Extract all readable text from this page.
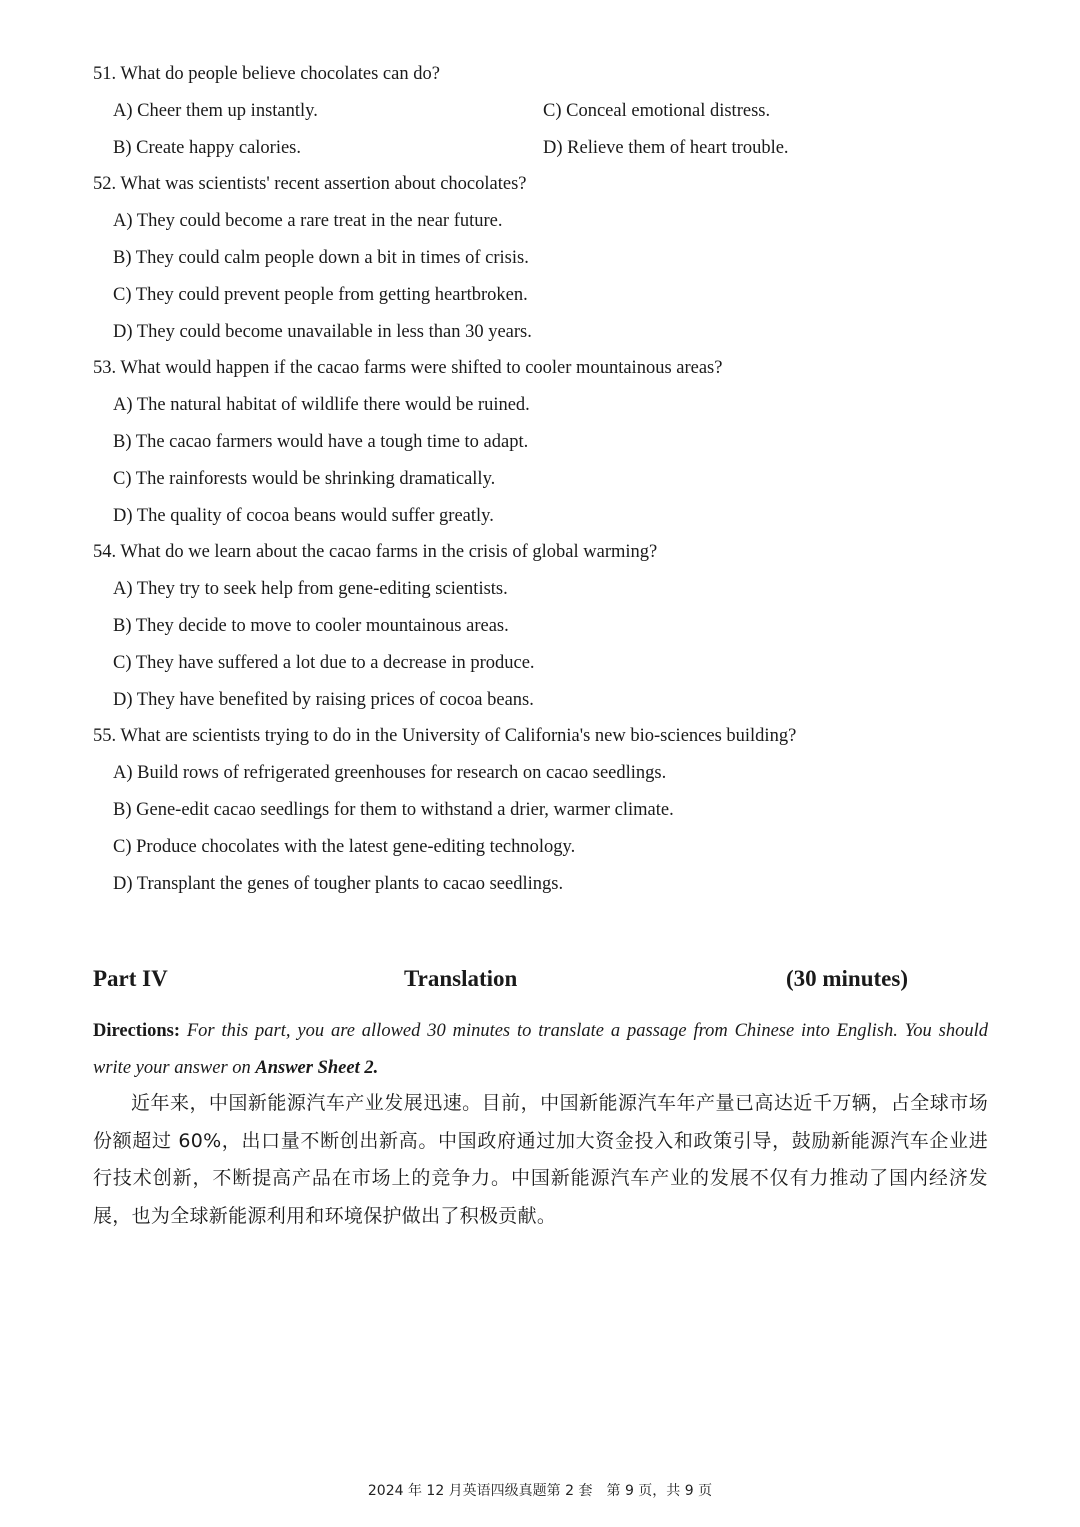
51. What do people believe chocolates can do?
A) Cheer them up instantly.	C) Conceal emotional distress.
B) Create happy calories.	D) Relieve them of heart trouble.
52. What was scientists' recent assertion about chocolates?
A) They could become a rare treat in the near future.
B) They could calm people down a bit in times of crisis.
C) They could prevent people from getting heartbroken.
D) They could become unavailable in less than 30 years.
53. What would happen if the cacao farms were shifted to cooler mountainous areas?
A) The natural habitat of wildlife there would be ruined.
B) The cacao farmers would have a tough time to adapt.
C) The rainforests would be shrinking dramatically.
D) The quality of cocoa beans would suffer greatly.
54. What do we learn about the cacao farms in the crisis of global warming?
A) They try to seek help from gene-editing scientists.
B) They decide to move to cooler mountainous areas.
C) They have suffered a lot due to a decrease in produce.
D) They have benefited by raising prices of cocoa beans.
55. What are scientists trying to do in the University of California's new bio-sciences building?
A) Build rows of refrigerated greenhouses for research on cacao seedlings.
B) Gene-edit cacao seedlings for them to withstand a drier, warmer climate.
C) Produce chocolates with the latest gene-editing technology.
D) Transplant the genes of tougher plants to cacao seedlings.
Part IV	Translation	(30 minutes)
Directions: For this part, you are allowed 30 minutes to translate a passage from Chinese into English. You should write your answer on Answer Sheet 2.
近年来，中国新能源汽车产业发展迅速。目前，中国新能源汽车年产量已高达近千万辆，占全球市场份额超过 60%，出口量不断创出新高。中国政府通过加大资金投入和政策引导，鼓励新能源汽车企业进行技术创新，不断提高产品在市场上的竞争力。中国新能源汽车产业的发展不仅有力推动了国内经济发展，也为全球新能源利用和环境保护做出了积极贡献。
2024 年 12 月英语四级真题第 2 套　第 9 页，共 9 页
